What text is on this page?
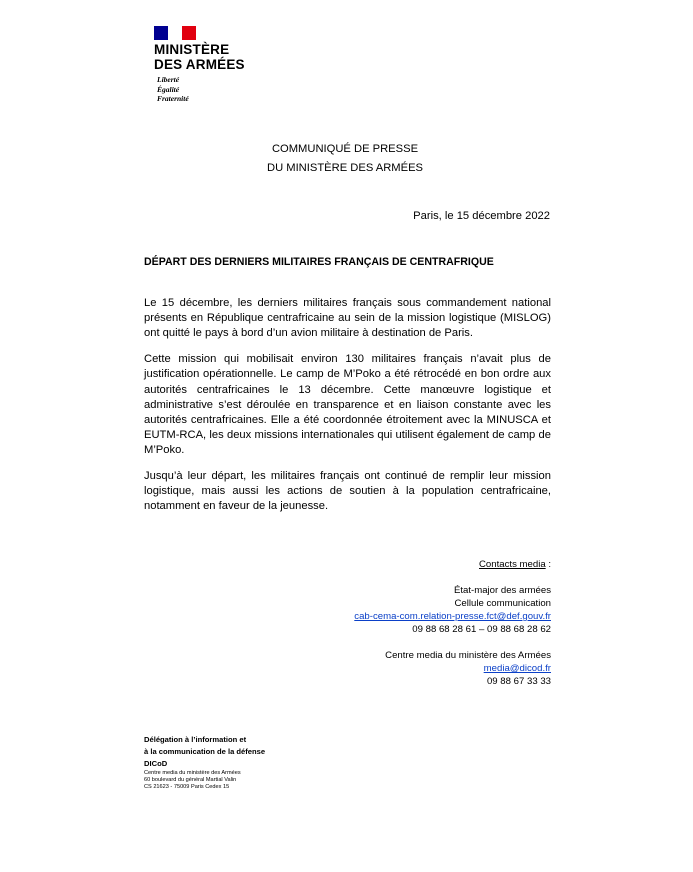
MINISTÈRE
DES ARMÉES
Liberté
Égalité
Fraternité
COMMUNIQUÉ DE PRESSE
DU MINISTÈRE DES ARMÉES
Paris, le 15 décembre 2022
DÉPART DES DERNIERS MILITAIRES FRANÇAIS DE CENTRAFRIQUE

Le 15 décembre, les derniers militaires français sous commandement national présents en République centrafricaine au sein de la mission logistique (MISLOG) ont quitté le pays à bord d’un avion militaire à destination de Paris.

Cette mission qui mobilisait environ 130 militaires français n’avait plus de justification opérationnelle. Le camp de M’Poko a été rétrocédé en bon ordre aux autorités centrafricaines le 13 décembre. Cette manœuvre logistique et administrative s’est déroulée en transparence et en liaison constante avec les autorités centrafricaines. Elle a été coordonnée étroitement avec la MINUSCA et EUTM-RCA, les deux missions internationales qui utilisent également de camp de M’Poko.

Jusqu’à leur départ, les militaires français ont continué de remplir leur mission logistique, mais aussi les actions de soutien à la population centrafricaine, notamment en faveur de la jeunesse.

Contacts media :
État-major des armées
Cellule communication
cab-cema-com.relation-presse.fct@def.gouv.fr
09 88 68 28 61 – 09 88 68 28 62
Centre media du ministère des Armées
media@dicod.fr
09 88 67 33 33
Délégation à l’information et
à la communication de la défense
DICoD
Centre media du ministère des Armées
60 boulevard du général Martial Valin
CS 21623 - 75009 Paris Cedex 15
